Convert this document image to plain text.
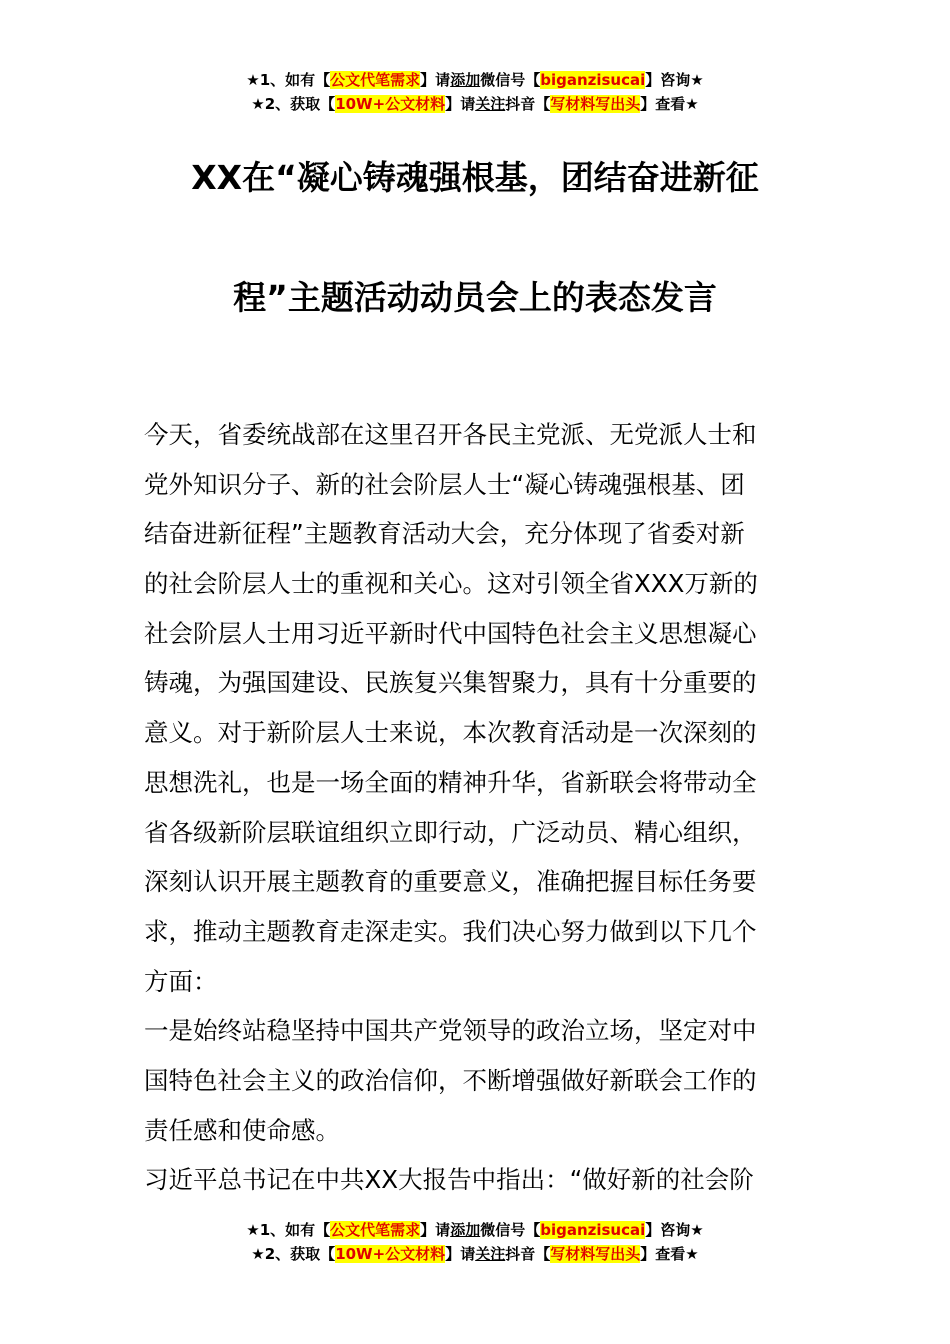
★1、如有【公文代笔需求】请添加微信号【biganzisucai】咨询★
★2、获取【10W+公文材料】请关注抖音【写材料写出头】查看★
XX在“凝心铸魂强根基，团结奋进新征
程”主题活动动员会上的表态发言
今天，省委统战部在这里召开各民主党派、无党派人士和
党外知识分子、新的社会阶层人士“凝心铸魂强根基、团
结奋进新征程”主题教育活动大会，充分体现了省委对新
的社会阶层人士的重视和关心。这对引领全省XXX万新的
社会阶层人士用习近平新时代中国特色社会主义思想凝心
铸魂，为强国建设、民族复兴集智聚力，具有十分重要的
意义。对于新阶层人士来说，本次教育活动是一次深刻的
思想洗礼，也是一场全面的精神升华，省新联会将带动全
省各级新阶层联谊组织立即行动，广泛动员、精心组织，
深刻认识开展主题教育的重要意义，准确把握目标任务要
求，推动主题教育走深走实。我们决心努力做到以下几个
方面：
一是始终站稳坚持中国共产党领导的政治立场，坚定对中
国特色社会主义的政治信仰，不断增强做好新联会工作的
责任感和使命感。
习近平总书记在中共XX大报告中指出：“做好新的社会阶
★1、如有【公文代笔需求】请添加微信号【biganzisucai】咨询★
★2、获取【10W+公文材料】请关注抖音【写材料写出头】查看★
